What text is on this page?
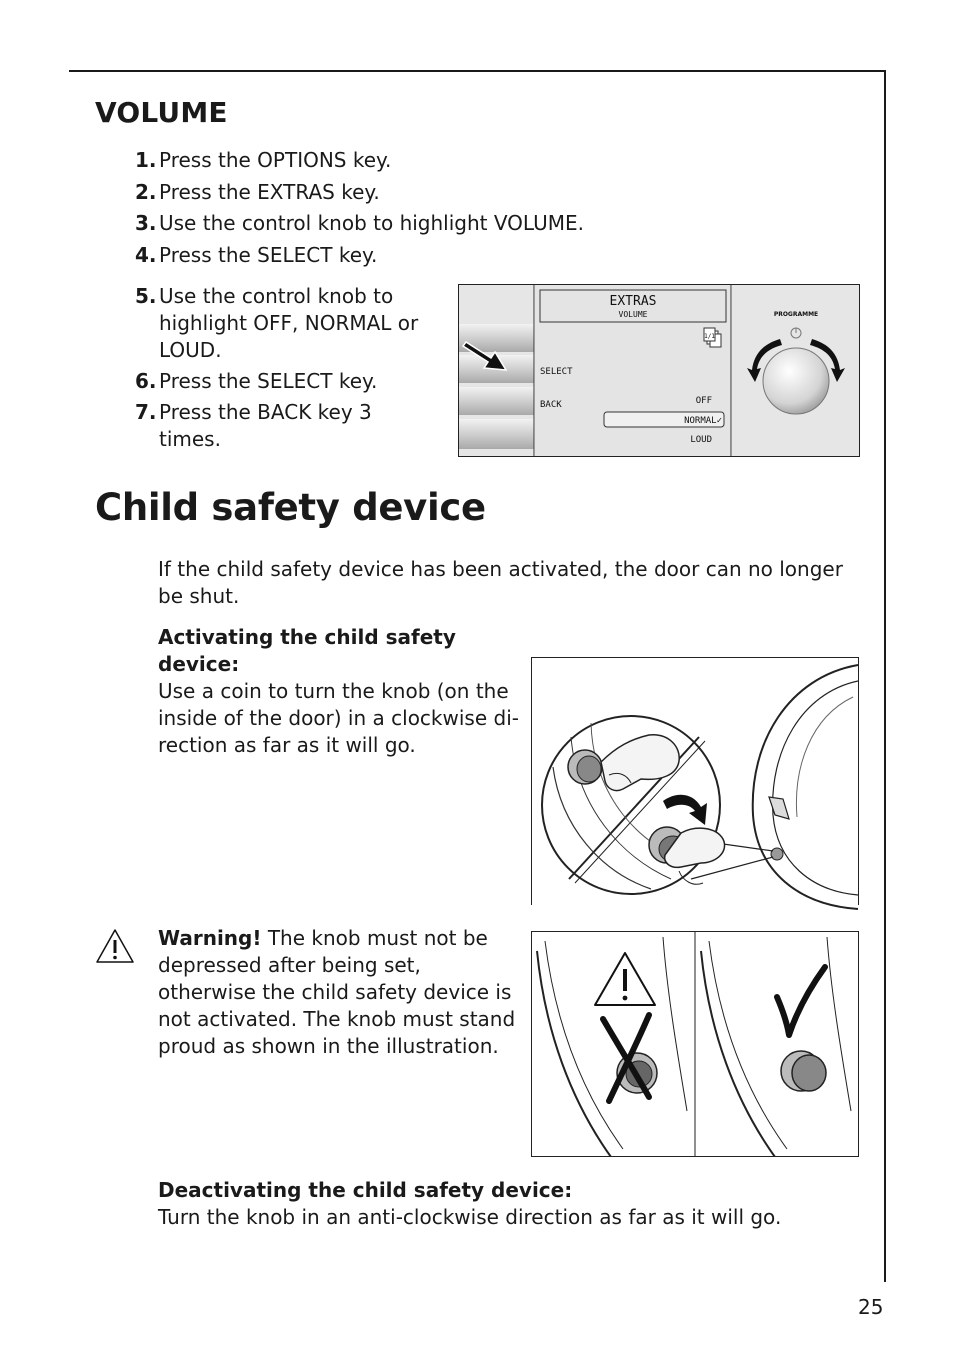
VOLUME
1. Press the OPTIONS key.
2. Press the EXTRAS key.
3. Use the control knob to highlight VOLUME.
4. Press the SELECT key.
5. Use the control knob to highlight OFF, NORMAL or LOUD.
6. Press the SELECT key.
7. Press the BACK key 3 times.
EXTRAS
VOLUME
1/1
SELECT
BACK	OFF
NORMAL✓
LOUD
PROGRAMME
Child safety device

If the child safety device has been activated, the door can no longer be shut.

Activating the child safety device:
Use a coin to turn the knob (on the inside of the door) in a clockwise direction as far as it will go.

Warning! The knob must not be depressed after being set, otherwise the child safety device is not activated. The knob must stand proud as shown in the illustration.

Deactivating the child safety device:
Turn the knob in an anti-clockwise direction as far as it will go.

25
